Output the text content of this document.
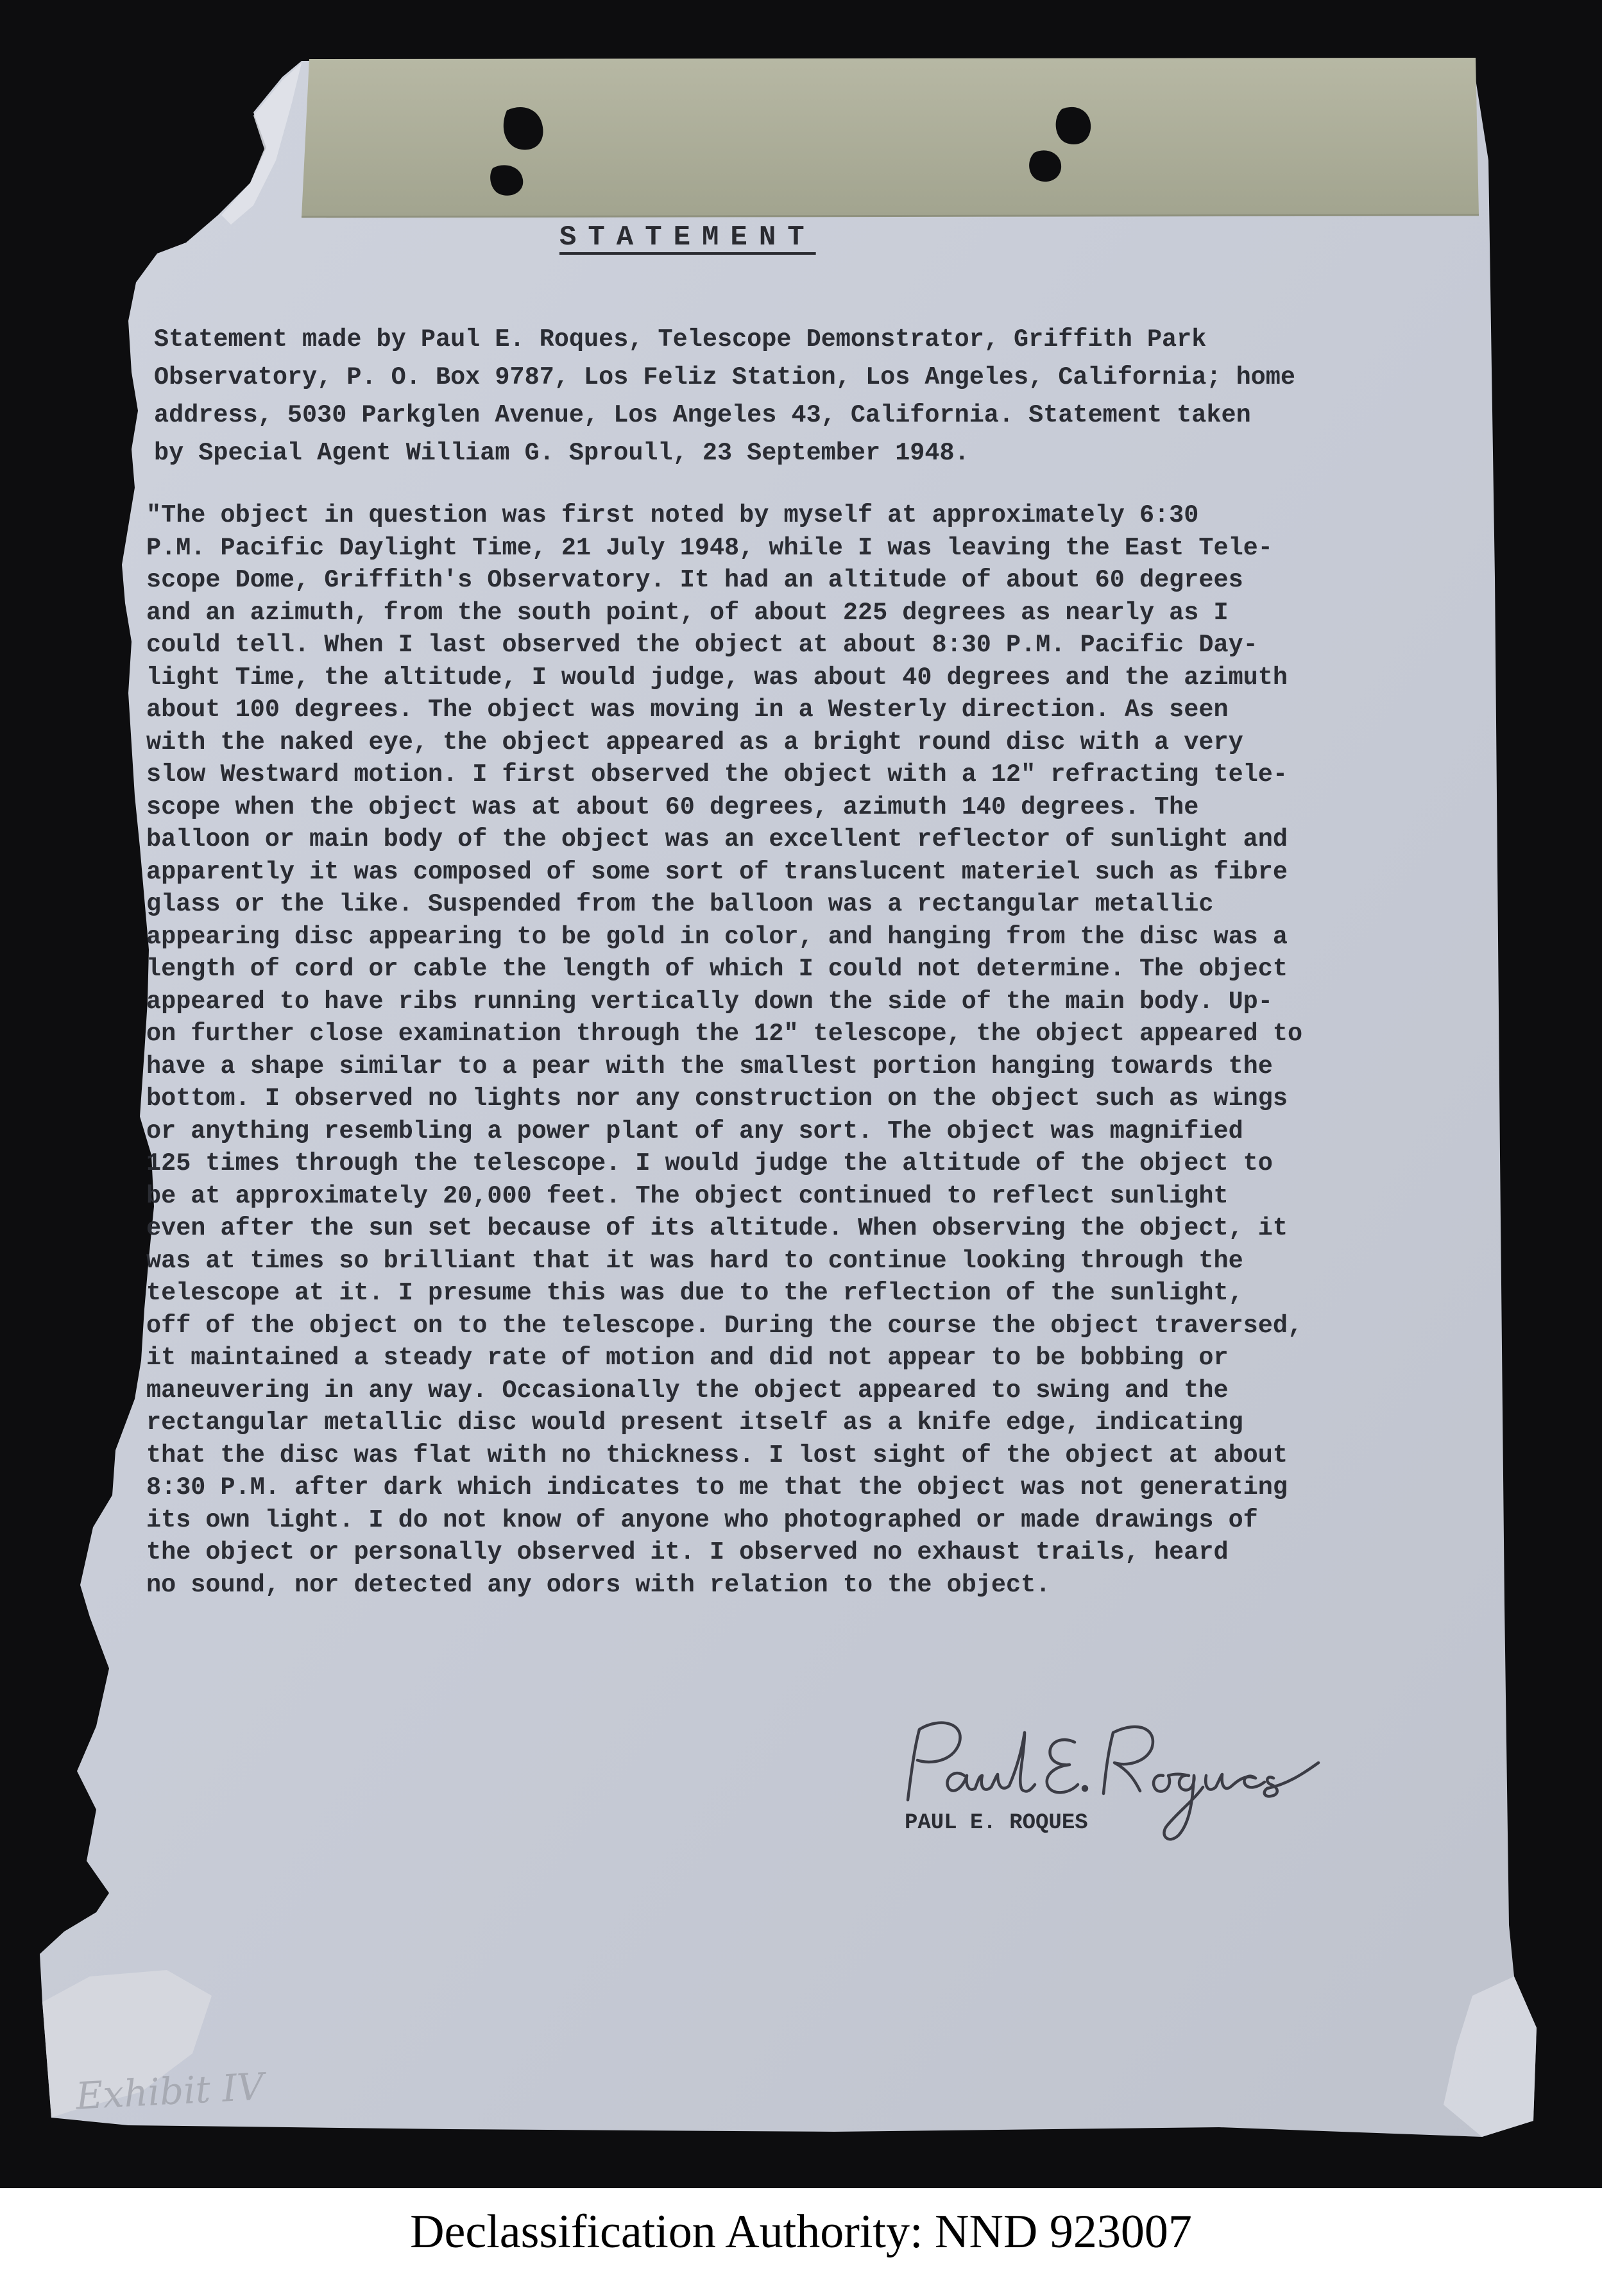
STATEMENT
Statement made by Paul E. Roques, Telescope Demonstrator, Griffith Park
Observatory, P. O. Box 9787, Los Feliz Station, Los Angeles, California; home
address, 5030 Parkglen Avenue, Los Angeles 43, California. Statement taken
by Special Agent William G. Sproull, 23 September 1948.
"The object in question was first noted by myself at approximately 6:30
P.M. Pacific Daylight Time, 21 July 1948, while I was leaving the East Tele-
scope Dome, Griffith's Observatory. It had an altitude of about 60 degrees
and an azimuth, from the south point, of about 225 degrees as nearly as I
could tell. When I last observed the object at about 8:30 P.M. Pacific Day-
light Time, the altitude, I would judge, was about 40 degrees and the azimuth
about 100 degrees. The object was moving in a Westerly direction. As seen
with the naked eye, the object appeared as a bright round disc with a very
slow Westward motion. I first observed the object with a 12" refracting tele-
scope when the object was at about 60 degrees, azimuth 140 degrees. The
balloon or main body of the object was an excellent reflector of sunlight and
apparently it was composed of some sort of translucent materiel such as fibre
glass or the like. Suspended from the balloon was a rectangular metallic
appearing disc appearing to be gold in color, and hanging from the disc was a
length of cord or cable the length of which I could not determine. The object
appeared to have ribs running vertically down the side of the main body. Up-
on further close examination through the 12" telescope, the object appeared to
have a shape similar to a pear with the smallest portion hanging towards the
bottom. I observed no lights nor any construction on the object such as wings
or anything resembling a power plant of any sort. The object was magnified
125 times through the telescope. I would judge the altitude of the object to
be at approximately 20,000 feet. The object continued to reflect sunlight
even after the sun set because of its altitude. When observing the object, it
was at times so brilliant that it was hard to continue looking through the
telescope at it. I presume this was due to the reflection of the sunlight,
off of the object on to the telescope. During the course the object traversed,
it maintained a steady rate of motion and did not appear to be bobbing or
maneuvering in any way. Occasionally the object appeared to swing and the
rectangular metallic disc would present itself as a knife edge, indicating
that the disc was flat with no thickness. I lost sight of the object at about
8:30 P.M. after dark which indicates to me that the object was not generating
its own light. I do not know of anyone who photographed or made drawings of
the object or personally observed it. I observed no exhaust trails, heard
no sound, nor detected any odors with relation to the object.
PAUL E. ROQUES
Exhibit IV
Declassification Authority: NND 923007
